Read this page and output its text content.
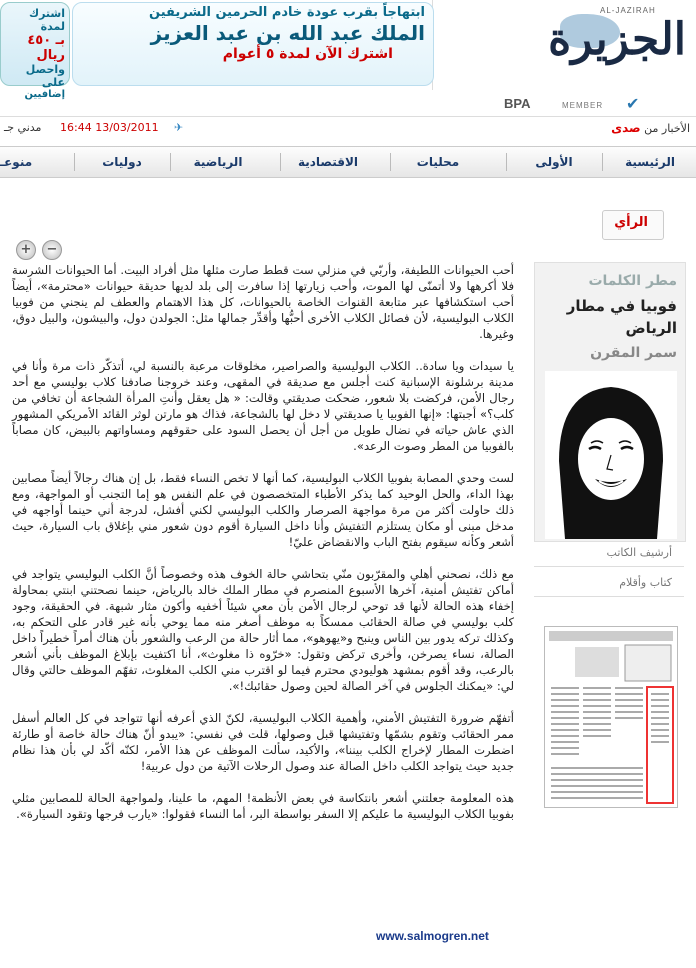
اشترك لمدة
بـ ٤٥٠ ريال
واحصل على
إضافيين
ابتهاجاً بقرب عودة خادم الحرمين الشريفين
الملك عبد الله بن عبد العزيز
اشترك الآن لمدة ٥ أعوام
AL-JAZIRAH
الجزيرة
BPA	MEMBER ✔
مدني جـ 16:44 13/03/2011 ✈	الأخبار من صدى
الرئيسية
الأولى
محليات
الاقتصادية
الرياضية
دوليات
منوعـ
الرأي
+	−

أحب الحيوانات اللطيفة، وأربّي في منزلي ست قطط صارت مثلها مثل أفراد البيت. أما الحيوانات الشرسة فلا أكرهها ولا أتمنّى لها الموت، وأحب زيارتها إذا سافرت إلى بلد لديها حديقة حيوانات «محترمة»، أيضاً أحب استكشافها عبر متابعة القنوات الخاصة بالحيوانات، كل هذا الاهتمام والعطف لم ينجني من فوبيا الكلاب البوليسية، لأن فصائل الكلاب الأخرى أحبُّها وأقدِّر جمالها مثل: الجولدن دول، والبيشون، والبيل دوق، وغيرها.

يا سيدات ويا سادة.. الكلاب البوليسية والصراصير، مخلوقات مرعبة بالنسبة لي، أتذكّر ذات مرة وأنا في مدينة برشلونة الإسبانية كنت أجلس مع صديقة في المقهى، وعند خروجنا صادفنا كلاب بوليسي مع أحد رجال الأمن، فركضت بلا شعور، ضحكت صديقتي وقالت: « هل يعقل وأنتِ المرأة الشجاعة أن تخافي من كلب؟» أجبتها: «إنها الفوبيا يا صديقتي لا دخل لها بالشجاعة، فذاك هو مارتن لوثر القائد الأمريكي المشهور الذي عاش حياته في نضال طويل من أجل أن يحصل السود على حقوقهم ومساواتهم بالبيض، كان مصاباً بالفوبيا من المطر وصوت الرعد».

لست وحدي المصابة بفوبيا الكلاب البوليسية، كما أنها لا تخص النساء فقط، بل إن هناك رجالاً أيضاً مصابين بهذا الداء، والحل الوحيد كما يذكر الأطباء المتخصصون في علم النفس هو إما التجنب أو المواجهة، ومع ذلك حاولت أكثر من مرة مواجهة الصرصار والكلب البوليسي لكني أفشل، لدرجة أني حينما أواجهه في مدخل مبنى أو مكان يستلزم التفتيش وأنا داخل السيارة أقوم دون شعور مني بإغلاق باب السيارة، حيث أشعر وكأنه سيقوم بفتح الباب والانقضاض عليّ!

مع ذلك، نصحني أهلي والمقرّبون منّي بتحاشي حالة الخوف هذه وخصوصاً أنَّ الكلب البوليسي يتواجد في أماكن تفتيش أمنية، آخرها الأسبوع المنصرم في مطار الملك خالد بالرياض، حينما نصحتني ابنتي بمحاولة إخفاء هذه الحالة لأنها قد توحي لرجال الأمن بأن معي شيئاً أخفيه وأكون مثار شبهة. في الحقيقة، وجود كلب بوليسي في صالة الحقائب ممسكاً به موظف أصغر منه مما يوحي بأنه غير قادر على التحكم به، وكذلك تركه يدور بين الناس وينبح و«يهوهو»، مما أثار حالة من الرعب والشعور بأن هناك أمراً خطيراً داخل الصالة، نساء يصرخن، وأخرى تركض وتقول: «خرّوه ذا مغلوث»، أنا اكتفيت بإبلاغ الموظف بأني أشعر بالرعب، وقد أقوم بمشهد هوليودي محترم فيما لو اقترب مني الكلب المغلوث، تفهّم الموظف حالتي وقال لي: «يمكنك الجلوس في آخر الصالة لحين وصول حقائبك!».

أتفهّم ضرورة التفتيش الأمني، وأهمية الكلاب البوليسية، لكنّ الذي أعرفه أنها تتواجد في كل العالم أسفل ممر الحقائب وتقوم بشمّها وتفتيشها قبل وصولها، قلت في نفسي: «يبدو أنّ هناك حالة خاصة أو طارئة اضطرت المطار لإخراج الكلب بيننا»، والأكيد، سألت الموظف عن هذا الأمر، لكنّه أكّد لي بأن هذا نظام جديد حيث يتواجد الكلب داخل الصالة عند وصول الرحلات الآتية من دول عربية!

هذه المعلومة جعلتني أشعر بانتكاسة في بعض الأنظمة! المهم، ما علينا، ولمواجهة الحالة للمصابين مثلي بفوبيا الكلاب البوليسية ما عليكم إلا السفر بواسطة البر، أما النساء فقولوا: «يارب فرجها وتقود السيارة».

www.salmogren.net
مطر الكلمات
فوبيا في مطار الرياض
سمر المقرن
أرشيف الكاتب
كتاب وأقلام
